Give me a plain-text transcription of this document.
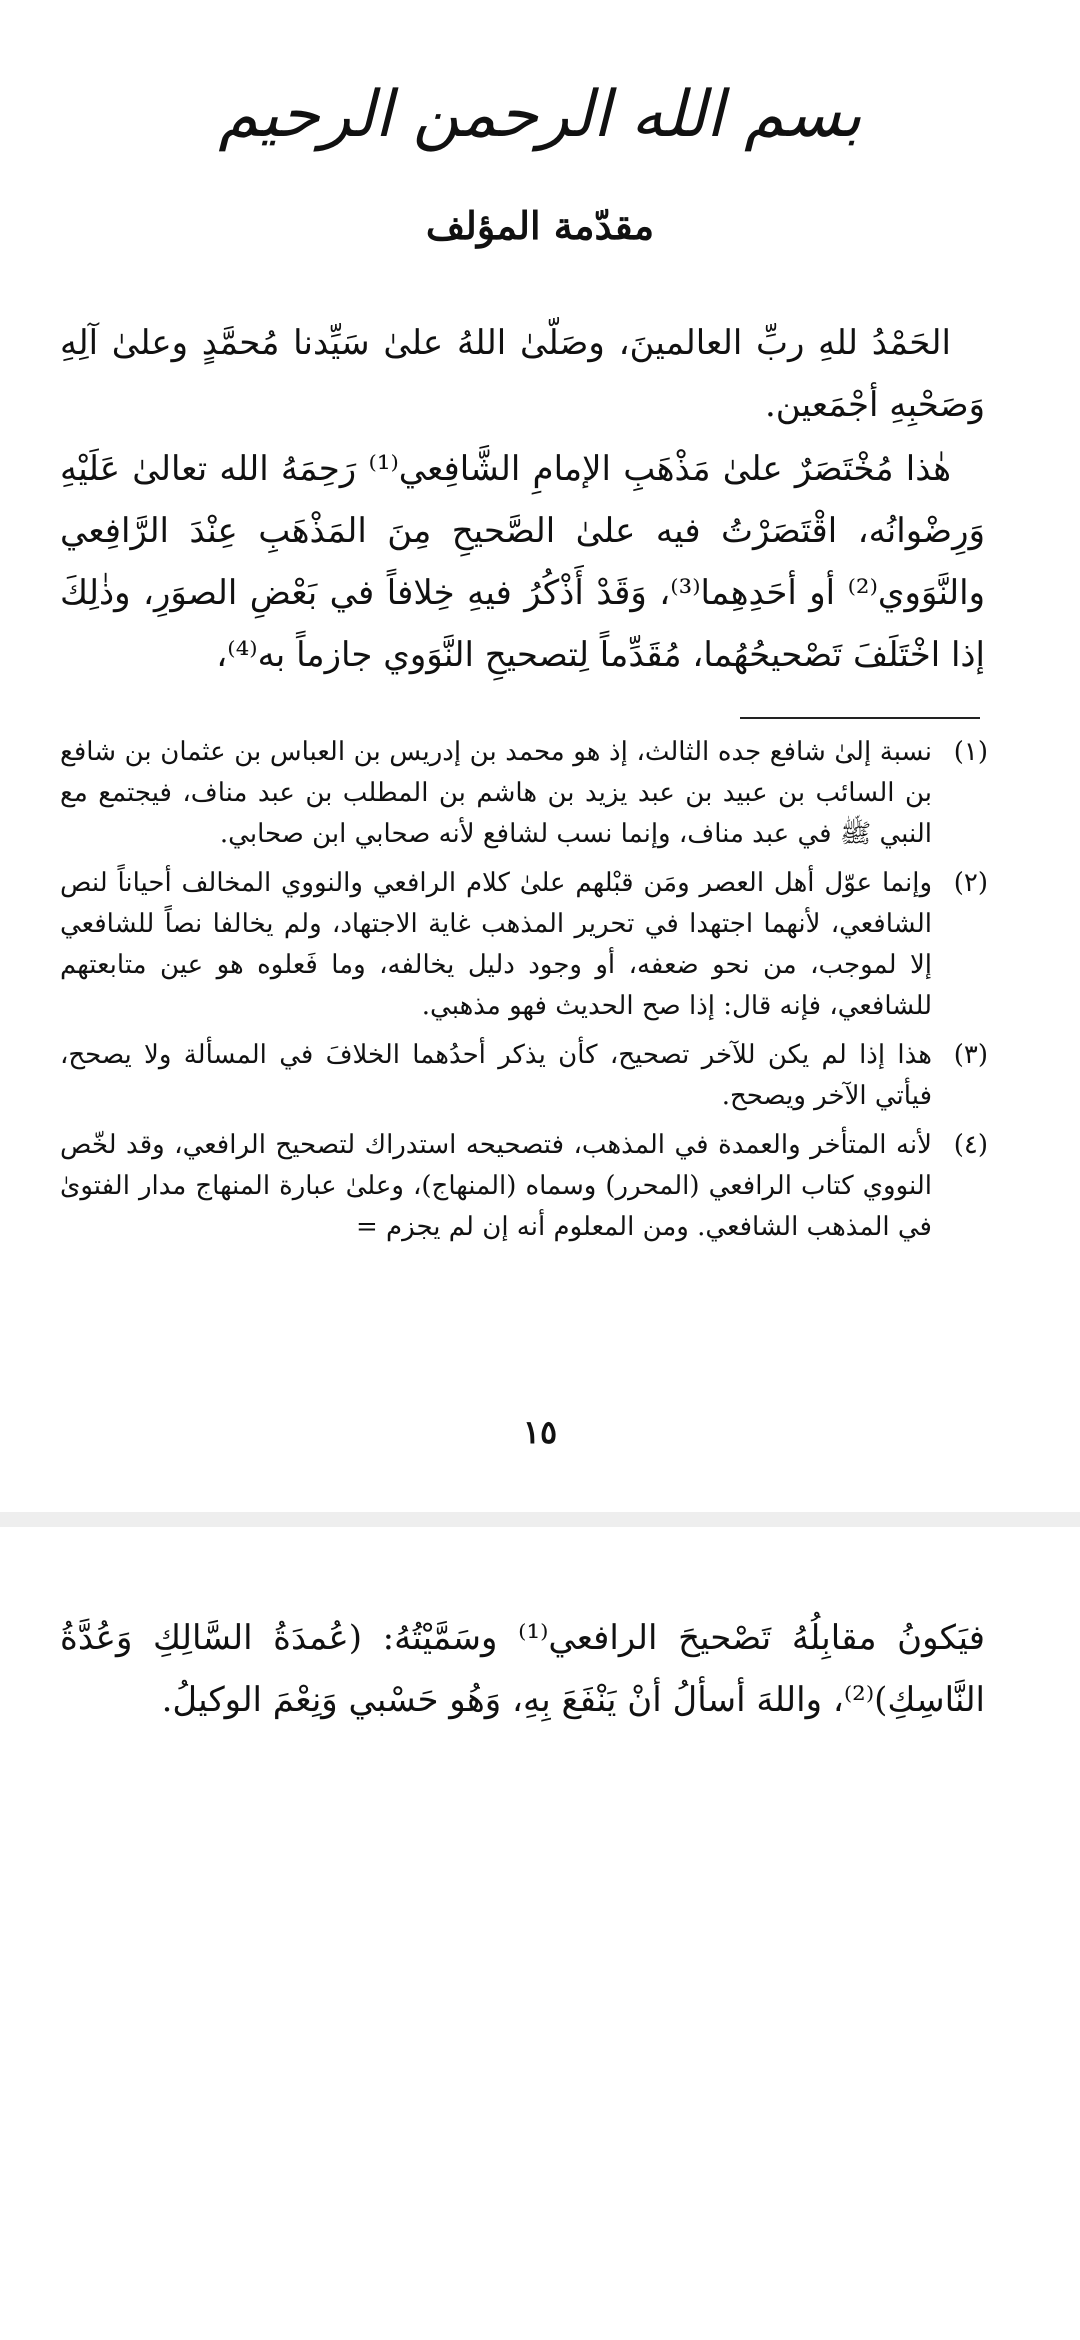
بسم الله الرحمن الرحيم
مقدّمة المؤلف
الحَمْدُ للهِ ربِّ العالمينَ، وصَلّىٰ اللهُ علىٰ سَيِّدنا مُحمَّدٍ وعلىٰ آلِهِ وَصَحْبِهِ أجْمَعين.
هٰذا مُخْتَصَرٌ علىٰ مَذْهَبِ الإمامِ الشَّافِعي⁽¹⁾ رَحِمَهُ الله تعالىٰ عَلَيْهِ وَرِضْوانُه، اقْتَصَرْتُ فيه علىٰ الصَّحيحِ مِنَ المَذْهَبِ عِنْدَ الرَّافِعي والنَّوَوي⁽²⁾ أو أحَدِهِما⁽³⁾، وَقَدْ أَذْكُرُ فيهِ خِلافاً في بَعْضِ الصوَرِ، وذٰلِكَ إذا اخْتَلَفَ تَصْحيحُهُما، مُقَدِّماً لِتصحيحِ النَّوَوي جازماً به⁽⁴⁾،
(١)
نسبة إلىٰ شافع جده الثالث، إذ هو محمد بن إدريس بن العباس بن عثمان بن شافع بن السائب بن عبيد بن عبد يزيد بن هاشم بن المطلب بن عبد مناف، فيجتمع مع النبي ﷺ في عبد مناف، وإنما نسب لشافع لأنه صحابي ابن صحابي.
(٢)
وإنما عوّل أهل العصر ومَن قبْلهم علىٰ كلام الرافعي والنووي المخالف أحياناً لنص الشافعي، لأنهما اجتهدا في تحرير المذهب غاية الاجتهاد، ولم يخالفا نصاً للشافعي إلا لموجب، من نحو ضعفه، أو وجود دليل يخالفه، وما فَعلوه هو عين متابعتهم للشافعي، فإنه قال: إذا صح الحديث فهو مذهبي.
(٣)
هذا إذا لم يكن للآخر تصحيح، كأن يذكر أحدُهما الخلافَ في المسألة ولا يصحح، فيأتي الآخر ويصحح.
(٤)
لأنه المتأخر والعمدة في المذهب، فتصحيحه استدراك لتصحيح الرافعي، وقد لخّص النووي كتاب الرافعي (المحرر) وسماه (المنهاج)، وعلىٰ عبارة المنهاج مدار الفتوىٰ في المذهب الشافعي. ومن المعلوم أنه إن لم يجزم =
١٥
فيَكونُ مقابِلُهُ تَصْحيحَ الرافعي⁽¹⁾ وسَمَّيْتُهُ: (عُمدَةُ السَّالِكِ وَعُدَّةُ النَّاسِكِ)⁽²⁾، واللهَ أسألُ أنْ يَنْفَعَ بِهِ، وَهُو حَسْبي وَنِعْمَ الوكيلُ.
